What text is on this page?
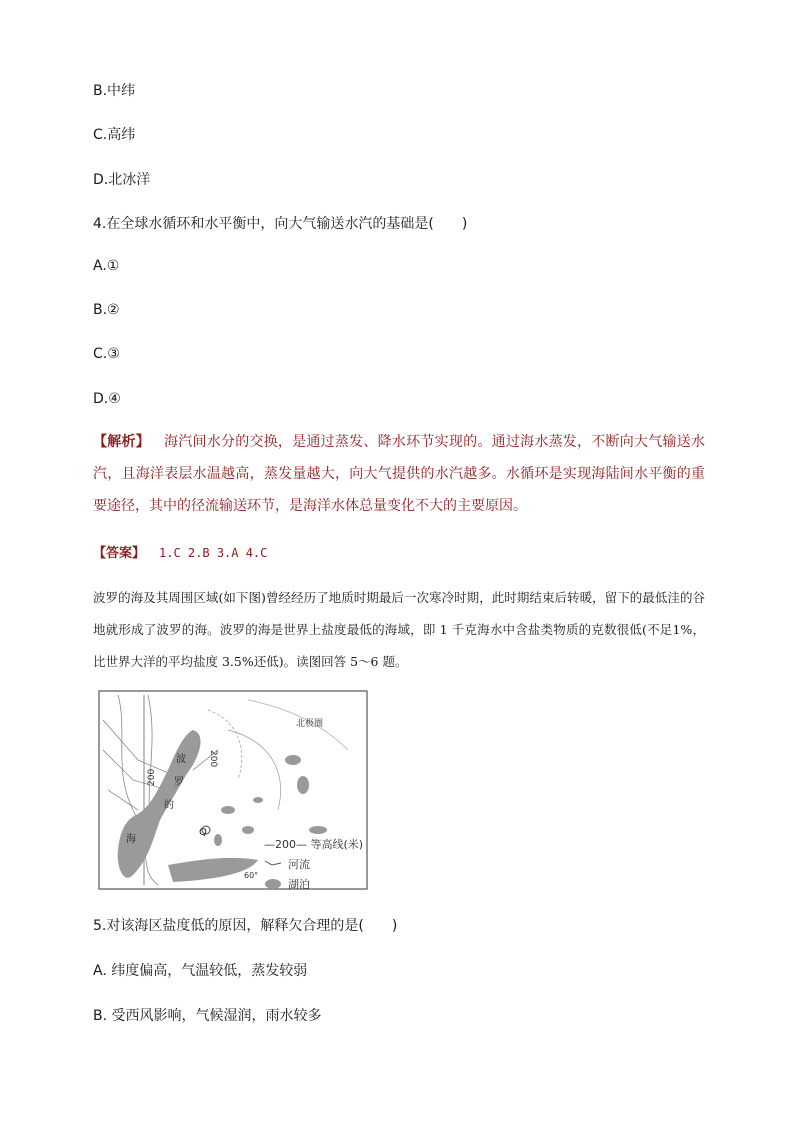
B.中纬
C.高纬
D.北冰洋
4.在全球水循环和水平衡中，向大气输送水汽的基础是(　　)
A.①
B.②
C.③
D.④
【解析】 海汽间水分的交换，是通过蒸发、降水环节实现的。通过海水蒸发，不断向大气输送水汽，且海洋表层水温越高，蒸发量越大，向大气提供的水汽越多。水循环是实现海陆间水平衡的重要途径，其中的径流输送环节，是海洋水体总量变化不大的主要原因。
【答案】 1.C 2.B 3.A 4.C
波罗的海及其周围区域(如下图)曾经经历了地质时期最后一次寒冷时期，此时期结束后转暖，留下的最低洼的谷地就形成了波罗的海。波罗的海是世界上盐度最低的海域，即 1 千克海水中含盐类物质的克数很低(不足1%，比世界大洋的平均盐度 3.5%还低)。读图回答 5～6 题。
波
罗
的
海
北极圈
Q
200
200
60°
—200— 等高线(米)
河流
湖泊
5.对该海区盐度低的原因，解释欠合理的是(　　)
A. 纬度偏高，气温较低，蒸发较弱
B. 受西风影响，气候湿润，雨水较多
